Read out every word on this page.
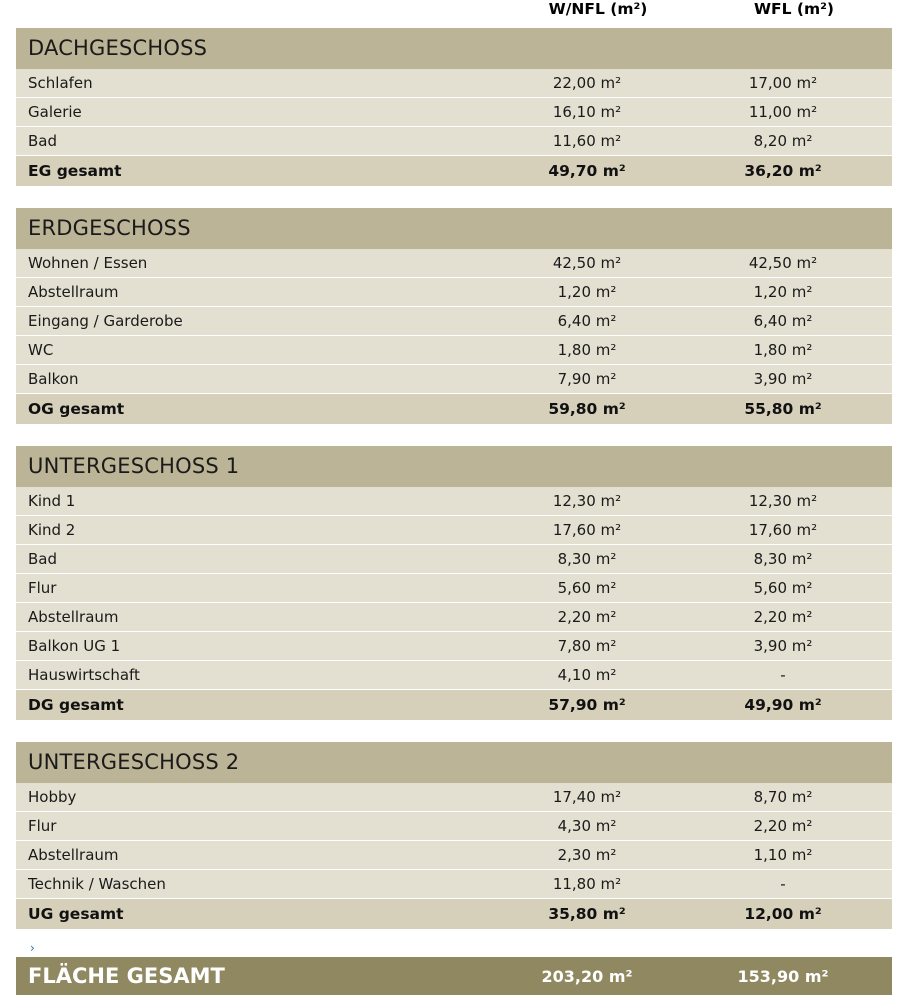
	W/NFL (m²)	WFL (m²)
DACHGESCHOSS		
Schlafen	22,00 m²	17,00 m²
Galerie	16,10 m²	11,00 m²
Bad	11,60 m²	8,20 m²
EG gesamt	49,70 m²	36,20 m²

ERDGESCHOSS		
Wohnen / Essen	42,50 m²	42,50 m²
Abstellraum	1,20 m²	1,20 m²
Eingang / Garderobe	6,40 m²	6,40 m²
WC	1,80 m²	1,80 m²
Balkon	7,90 m²	3,90 m²
OG gesamt	59,80 m²	55,80 m²

UNTERGESCHOSS 1		
Kind 1	12,30 m²	12,30 m²
Kind 2	17,60 m²	17,60 m²
Bad	8,30 m²	8,30 m²
Flur	5,60 m²	5,60 m²
Abstellraum	2,20 m²	2,20 m²
Balkon UG 1	7,80 m²	3,90 m²
Hauswirtschaft	4,10 m²	-
DG gesamt	57,90 m²	49,90 m²

UNTERGESCHOSS 2		
Hobby	17,40 m²	8,70 m²
Flur	4,30 m²	2,20 m²
Abstellraum	2,30 m²	1,10 m²
Technik / Waschen	11,80 m²	-
UG gesamt	35,80 m²	12,00 m²

›
FLÄCHE GESAMT	203,20 m²	153,90 m²
